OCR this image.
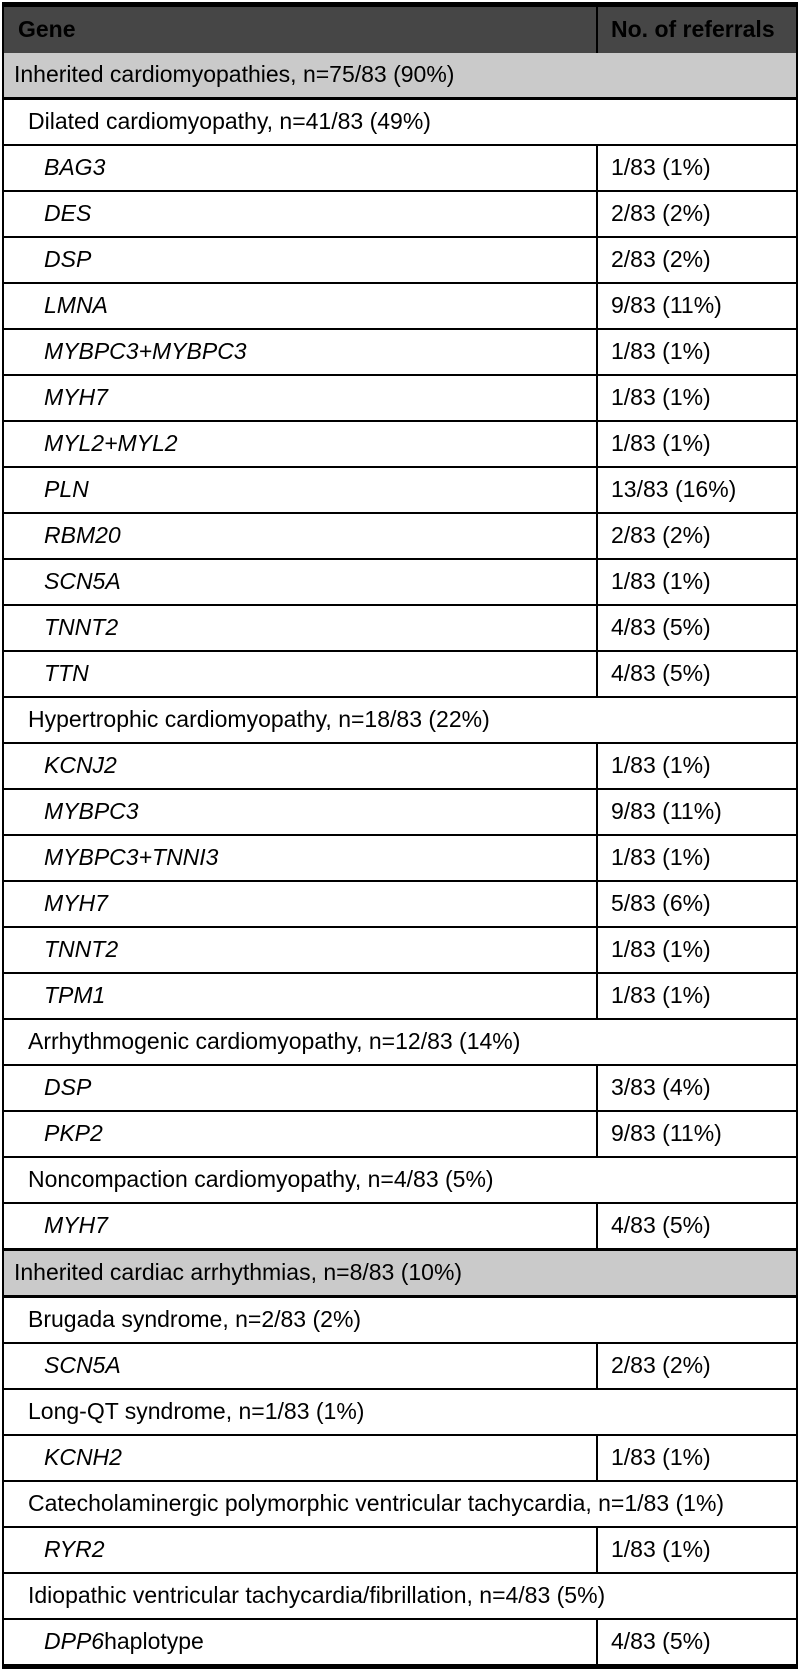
Gene	No. of referrals
Inherited cardiomyopathies, n=75/83 (90%)
Dilated cardiomyopathy, n=41/83 (49%)
BAG3	1/83 (1%)
DES	2/83 (2%)
DSP	2/83 (2%)
LMNA	9/83 (11%)
MYBPC3+MYBPC3	1/83 (1%)
MYH7	1/83 (1%)
MYL2+MYL2	1/83 (1%)
PLN	13/83 (16%)
RBM20	2/83 (2%)
SCN5A	1/83 (1%)
TNNT2	4/83 (5%)
TTN	4/83 (5%)
Hypertrophic cardiomyopathy, n=18/83 (22%)
KCNJ2	1/83 (1%)
MYBPC3	9/83 (11%)
MYBPC3+TNNI3	1/83 (1%)
MYH7	5/83 (6%)
TNNT2	1/83 (1%)
TPM1	1/83 (1%)
Arrhythmogenic cardiomyopathy, n=12/83 (14%)
DSP	3/83 (4%)
PKP2	9/83 (11%)
Noncompaction cardiomyopathy, n=4/83 (5%)
MYH7	4/83 (5%)
Inherited cardiac arrhythmias, n=8/83 (10%)
Brugada syndrome, n=2/83 (2%)
SCN5A	2/83 (2%)
Long-QT syndrome, n=1/83 (1%)
KCNH2	1/83 (1%)
Catecholaminergic polymorphic ventricular tachycardia, n=1/83 (1%)
RYR2	1/83 (1%)
Idiopathic ventricular tachycardia/fibrillation, n=4/83 (5%)
DPP6 haplotype	4/83 (5%)
